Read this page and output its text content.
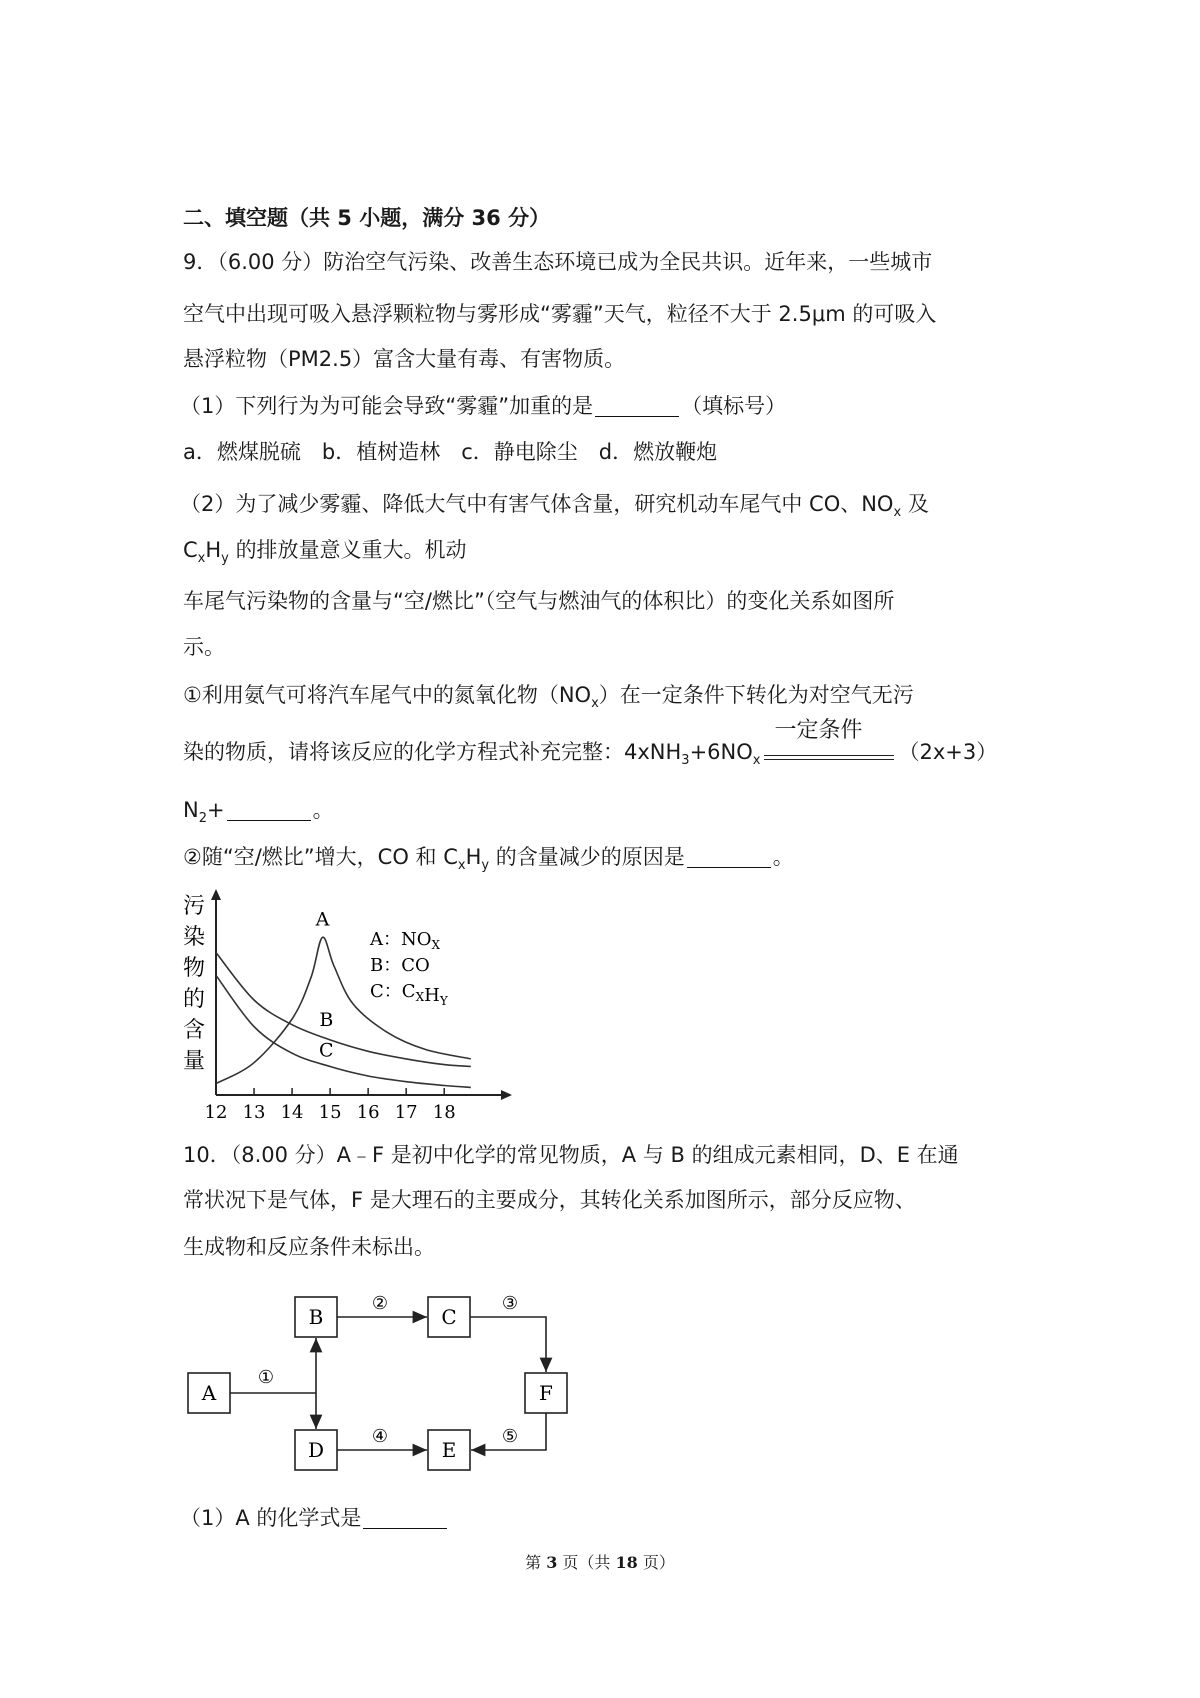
二、填空题（共 5 小题，满分 36 分）
9．（6.00 分）防治空气污染、改善生态环境已成为全民共识。近年来，一些城市
空气中出现可吸入悬浮颗粒物与雾形成“雾霾”天气，粒径不大于 2.5μm 的可吸入
悬浮粒物（PM2.5）富含大量有毒、有害物质。
（1）下列行为为可能会导致“雾霾”加重的是	（填标号）
a．燃煤脱硫　b．植树造林　c．静电除尘　d．燃放鞭炮
（2）为了减少雾霾、降低大气中有害气体含量，研究机动车尾气中 CO、$NO_x$ 及
$C_xH_y$ 的排放量意义重大。机动
车尾气污染物的含量与“空/燃比”（空气与燃油气的体积比）的变化关系如图所
示。
①利用氨气可将汽车尾气中的氮氧化物$(NO_x)$在一定条件下转化为对空气无污
染的物质，请将该反应的化学方程式补充完整：$4xNH_3+6NO_x$
一定条件
（2x+3）
$N_2+$	。
②随“空/燃比”增大，CO 和 $C_xH_y$ 的含量减少的原因是	。
污
染
物
的
含
量
12 13 14 15 16 17 18
A
B
C
A：$NO_X$
B：CO
C：$C_XH_Y$
10．（8.00 分）A﹣F 是初中化学的常见物质，A 与 B 的组成元素相同，D、E 在通
常状况下是气体，F 是大理石的主要成分，其转化关系加图所示，部分反应物、
生成物和反应条件未标出。
A
B	C
D	E
F
①
②	③
④	⑤
（1）A 的化学式是
第 3 页（共 18 页）
